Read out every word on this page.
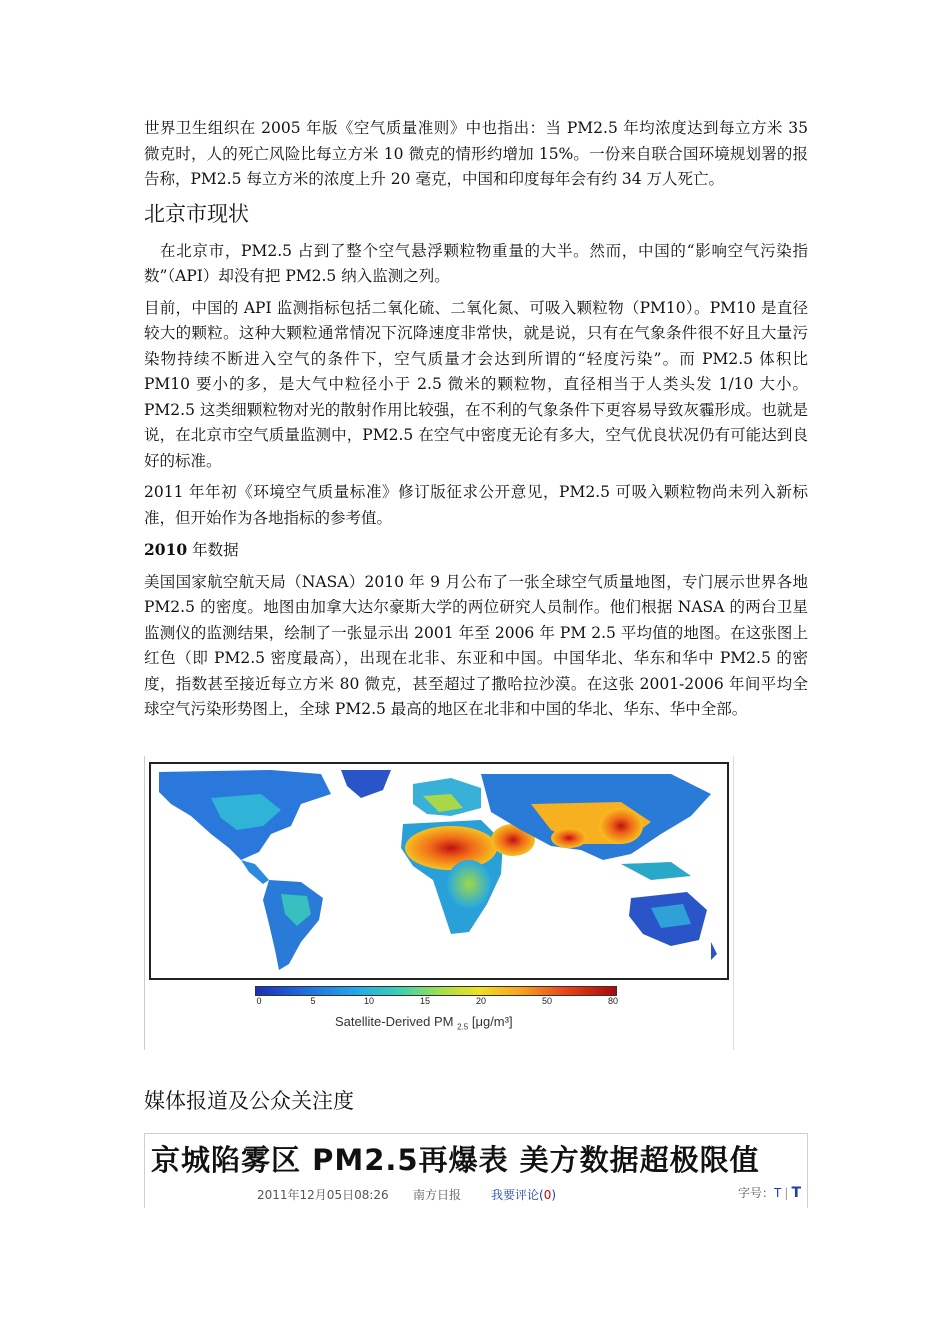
世界卫生组织在 2005 年版《空气质量准则》中也指出：当 PM2.5 年均浓度达到每立方米 35 微克时，人的死亡风险比每立方米 10 微克的情形约增加 15%。一份来自联合国环境规划署的报告称，PM2.5 每立方米的浓度上升 20 毫克，中国和印度每年会有约 34 万人死亡。

北京市现状

在北京市，PM2.5 占到了整个空气悬浮颗粒物重量的大半。然而，中国的“影响空气污染指数”（API）却没有把 PM2.5 纳入监测之列。

目前，中国的 API 监测指标包括二氧化硫、二氧化氮、可吸入颗粒物（PM10）。PM10 是直径较大的颗粒。这种大颗粒通常情况下沉降速度非常快，就是说，只有在气象条件很不好且大量污染物持续不断进入空气的条件下，空气质量才会达到所谓的“轻度污染”。而 PM2.5 体积比 PM10 要小的多，是大气中粒径小于 2.5 微米的颗粒物，直径相当于人类头发 1/10 大小。PM2.5 这类细颗粒物对光的散射作用比较强，在不利的气象条件下更容易导致灰霾形成。也就是说，在北京市空气质量监测中，PM2.5 在空气中密度无论有多大，空气优良状况仍有可能达到良好的标准。

2011 年年初《环境空气质量标准》修订版征求公开意见，PM2.5 可吸入颗粒物尚未列入新标准，但开始作为各地指标的参考值。

2010 年数据

美国国家航空航天局（NASA）2010 年 9 月公布了一张全球空气质量地图，专门展示世界各地 PM2.5 的密度。地图由加拿大达尔豪斯大学的两位研究人员制作。他们根据 NASA 的两台卫星监测仪的监测结果，绘制了一张显示出 2001 年至 2006 年 PM 2.5 平均值的地图。在这张图上红色（即 PM2.5 密度最高），出现在北非、东亚和中国。中国华北、华东和华中 PM2.5 的密度，指数甚至接近每立方米 80 微克，甚至超过了撒哈拉沙漠。在这张 2001-2006 年间平均全球空气污染形势图上，全球 PM2.5 最高的地区在北非和中国的华北、华东、华中全部。

0	5	10	15	20	50	80
Satellite-Derived PM $_{2.5}$ [μg/m³]
媒体报道及公众关注度
京城陷雾区 PM2.5再爆表 美方数据超极限值
2011年12月05日08:26 南方日报 我要评论(0)	字号：T | T
